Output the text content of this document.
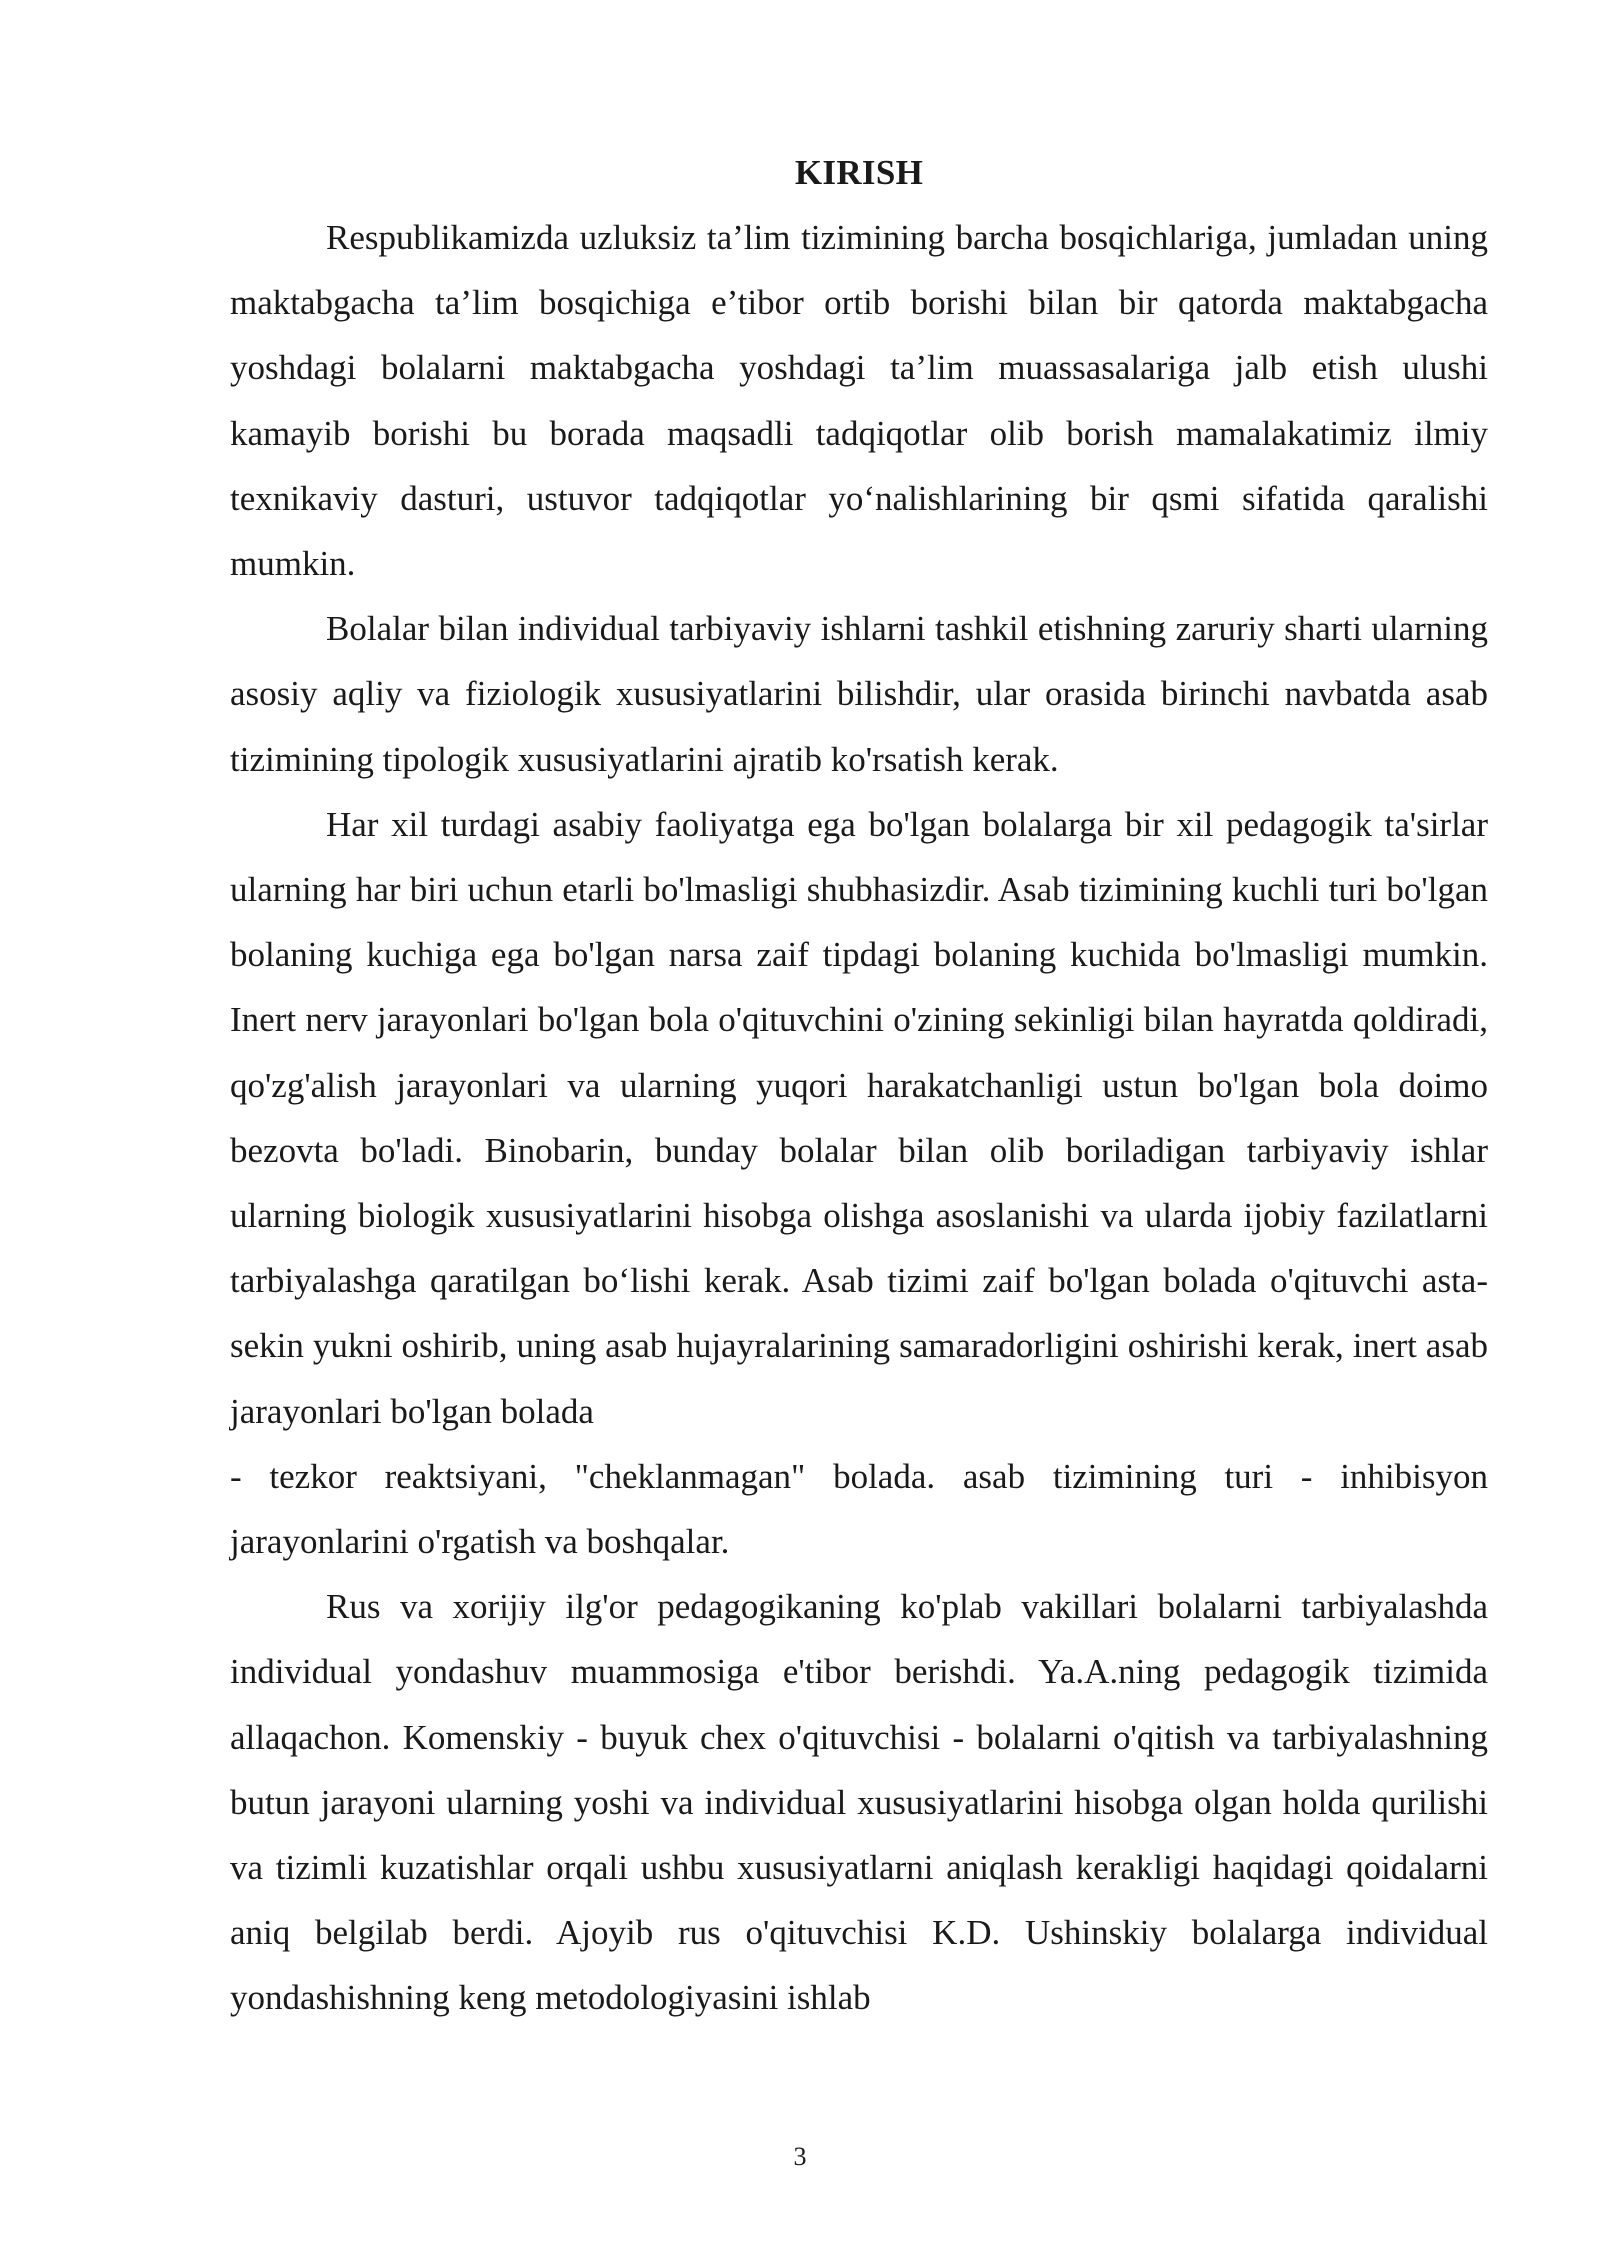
KIRISH

Respublikamizda uzluksiz ta’lim tizimining barcha bosqichlariga, jumladan uning maktabgacha ta’lim bosqichiga e’tibor ortib borishi bilan bir qatorda maktabgacha yoshdagi bolalarni maktabgacha yoshdagi ta’lim muassasalariga jalb etish ulushi kamayib borishi bu borada maqsadli tadqiqotlar olib borish mamalakatimiz ilmiy texnikaviy dasturi, ustuvor tadqiqotlar yo‘nalishlarining bir qsmi sifatida qaralishi mumkin.

Bolalar bilan individual tarbiyaviy ishlarni tashkil etishning zaruriy sharti ularning asosiy aqliy va fiziologik xususiyatlarini bilishdir, ular orasida birinchi navbatda asab tizimining tipologik xususiyatlarini ajratib ko'rsatish kerak.

Har xil turdagi asabiy faoliyatga ega bo'lgan bolalarga bir xil pedagogik ta'sirlar ularning har biri uchun etarli bo'lmasligi shubhasizdir. Asab tizimining kuchli turi bo'lgan bolaning kuchiga ega bo'lgan narsa zaif tipdagi bolaning kuchida bo'lmasligi mumkin. Inert nerv jarayonlari bo'lgan bola o'qituvchini o'zining sekinligi bilan hayratda qoldiradi, qo'zg'alish jarayonlari va ularning yuqori harakatchanligi ustun bo'lgan bola doimo bezovta bo'ladi. Binobarin, bunday bolalar bilan olib boriladigan tarbiyaviy ishlar ularning biologik xususiyatlarini hisobga olishga asoslanishi va ularda ijobiy fazilatlarni tarbiyalashga qaratilgan bo‘lishi kerak. Asab tizimi zaif bo'lgan bolada o'qituvchi asta-sekin yukni oshirib, uning asab hujayralarining samaradorligini oshirishi kerak, inert asab jarayonlari bo'lgan bolada

- tezkor reaktsiyani, "cheklanmagan" bolada. asab tizimining turi - inhibisyon jarayonlarini o'rgatish va boshqalar.

Rus va xorijiy ilg'or pedagogikaning ko'plab vakillari bolalarni tarbiyalashda individual yondashuv muammosiga e'tibor berishdi. Ya.A.ning pedagogik tizimida allaqachon. Komenskiy - buyuk chex o'qituvchisi - bolalarni o'qitish va tarbiyalashning butun jarayoni ularning yoshi va individual xususiyatlarini hisobga olgan holda qurilishi va tizimli kuzatishlar orqali ushbu xususiyatlarni aniqlash kerakligi haqidagi qoidalarni aniq belgilab berdi. Ajoyib rus o'qituvchisi K.D. Ushinskiy bolalarga individual yondashishning keng metodologiyasini ishlab

3
